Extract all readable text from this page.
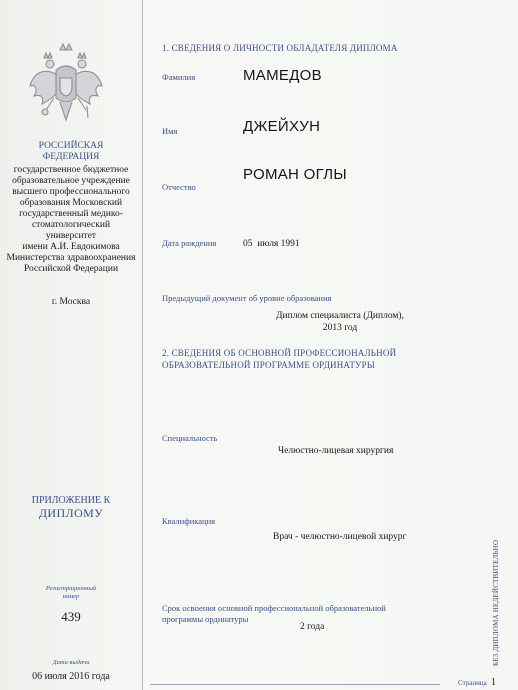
РОССИЙСКАЯ
ФЕДЕРАЦИЯ
государственное бюджетное
образовательное учреждение
высшего профессионального
образования Московский
государственный медико-
стоматологический
университет
имени А.И. Евдокимова
Министерства здравоохранения
Российской Федерации
г. Москва
ПРИЛОЖЕНИЕ К
ДИПЛОМУ
Регистрационный
номер
439
Дата выдачи
06 июля 2016 года
1. СВЕДЕНИЯ О ЛИЧНОСТИ ОБЛАДАТЕЛЯ ДИПЛОМА
Фамилия	МАМЕДОВ
Имя	ДЖЕЙХУН
Отчество
РОМАН ОГЛЫ
Дата рождения	05  июля 1991
Предыдущий документ об уровне образования
Диплом специалиста (Диплом),
2013 год
2. СВЕДЕНИЯ ОБ ОСНОВНОЙ ПРОФЕССИОНАЛЬНОЙ
ОБРАЗОВАТЕЛЬНОЙ ПРОГРАММЕ ОРДИНАТУРЫ
Специальность
Челюстно-лицевая хирургия
Квалификация
Врач - челюстно-лицевой хирург
Срок освоения основной профессиональной образовательной
программы ординатуры
2 года
Страница 1
БЕЗ ДИПЛОМА НЕДЕЙСТВИТЕЛЬНО
